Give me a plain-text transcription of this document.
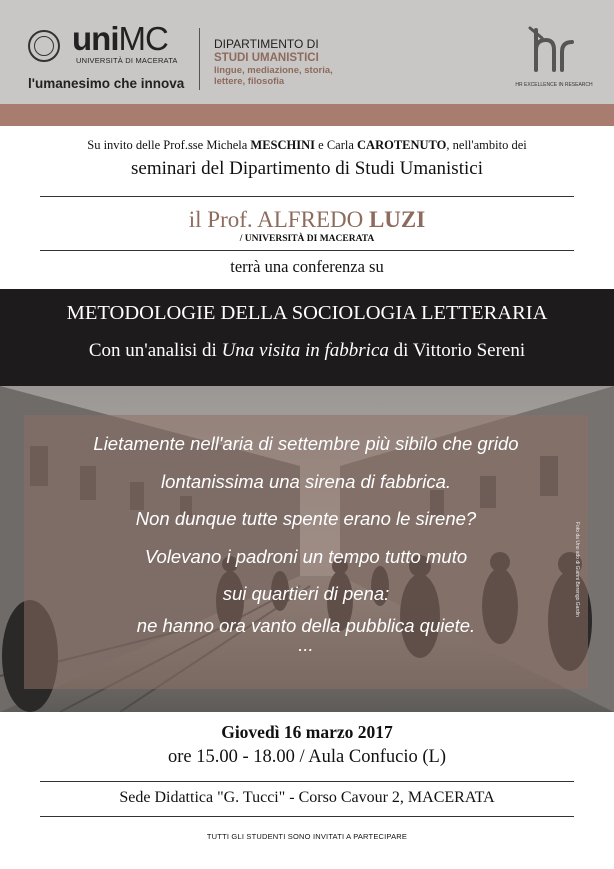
uniMC
UNIVERSITÀ DI MACERATA
l'umanesimo che innova
DIPARTIMENTO DI
STUDI UMANISTICI
lingue, mediazione, storia, lettere, filosofia	HR EXCELLENCE IN RESEARCH
Su invito delle Prof.sse Michela MESCHINI e Carla CAROTENUTO, nell'ambito dei
seminari del Dipartimento di Studi Umanistici
il Prof. ALFREDO LUZI
/ UNIVERSITÀ DI MACERATA
terrà una conferenza su
METODOLOGIE DELLA SOCIOLOGIA LETTERARIA
Con un'analisi di Una visita in fabbrica di Vittorio Sereni
Lietamente nell'aria di settembre più sibilo che grido
lontanissima una sirena di fabbrica.
Non dunque tutte spente erano le sirene?
Volevano i padroni un tempo tutto muto
sui quartieri di pena:
ne hanno ora vanto della pubblica quiete.
...
Foto da Uno sdo di Gianni Berengo Gardin
Giovedì 16 marzo 2017
ore 15.00 - 18.00 / Aula Confucio (L)
Sede Didattica "G. Tucci" - Corso Cavour 2, MACERATA
TUTTI GLI STUDENTI SONO INVITATI A PARTECIPARE
